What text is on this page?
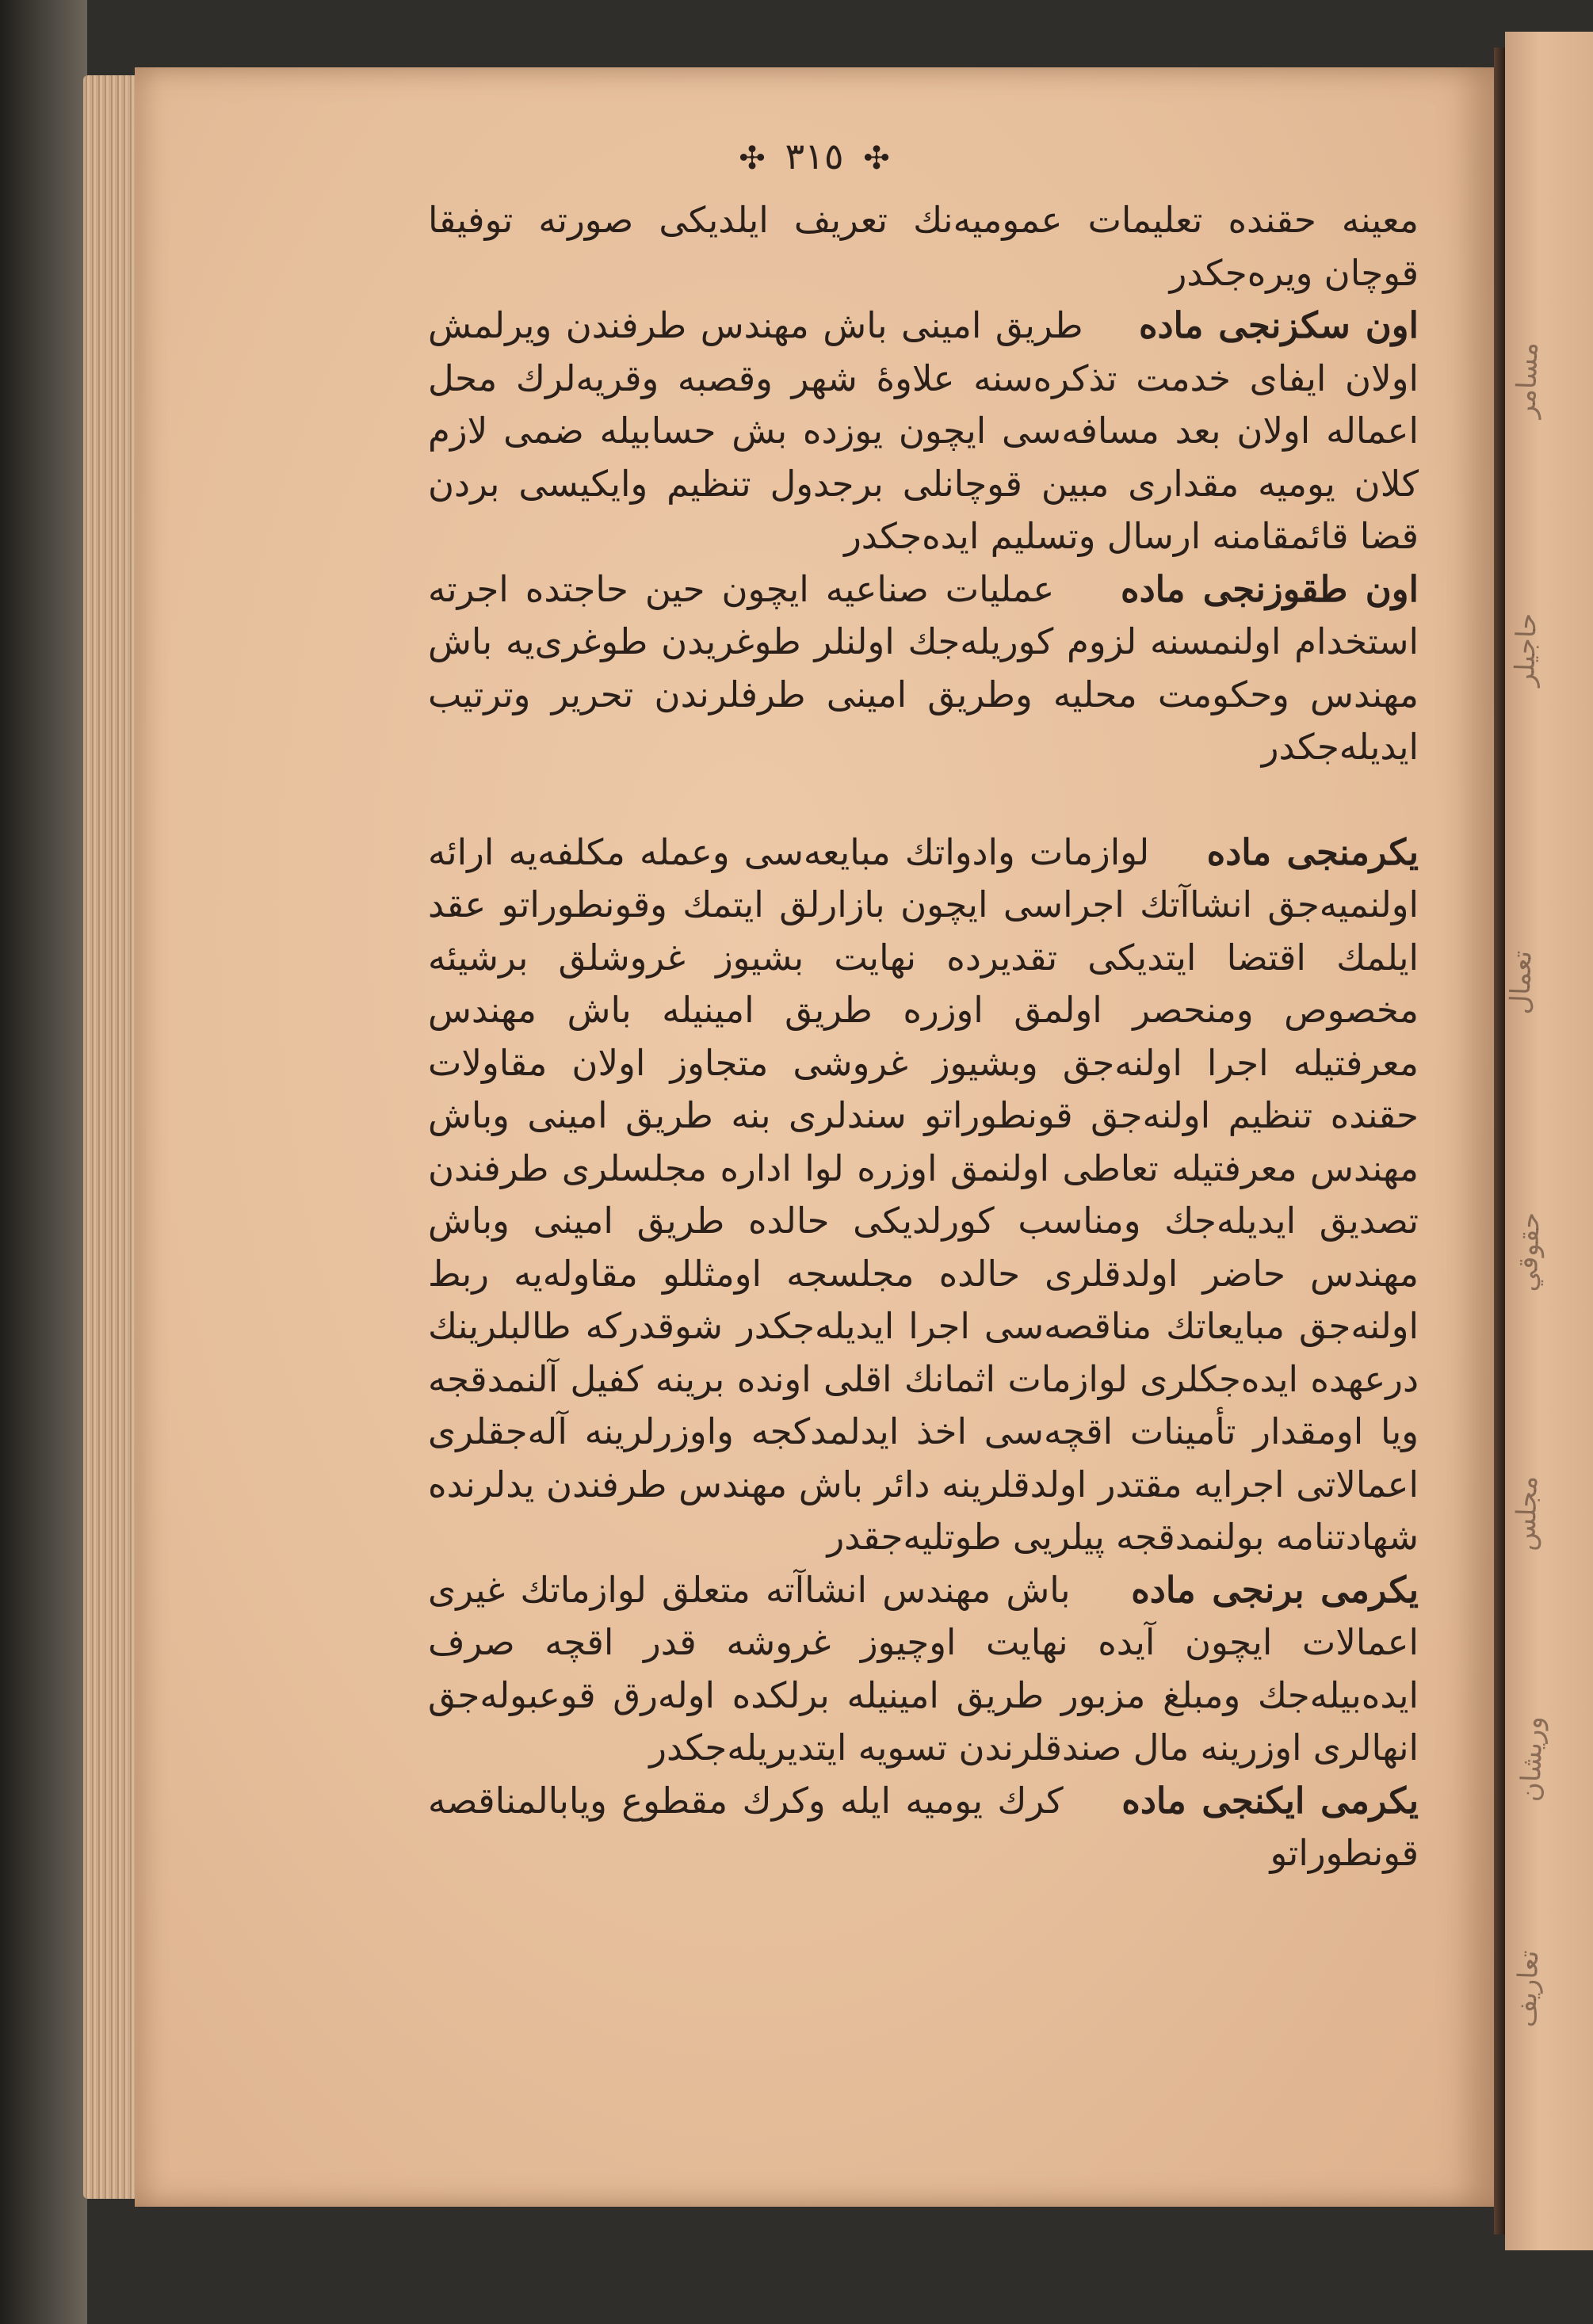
مسامر
حاجيلر
تعمال
حقوقي
مجلس
وريشان
تعاريف
✣ ٣١٥ ✣

معینه حقنده تعلیمات عمومیه‌نك تعریف ایلدیکی صورته توفیقا قوچان ویره‌جکدر

اون سکزنجی ماده    طریق امینی باش مهندس طرفندن ویرلمش اولان ایفای خدمت تذکره‌سنه علاوهٔ شهر وقصبه وقریه‌لرك محل اعماله اولان بعد مسافه‌سی ایچون یوزده بش حسابیله ضمی لازم کلان یومیه مقداری مبین قوچانلی برجدول تنظیم وایکیسی بردن قضا قائمقامنه ارسال وتسلیم ایده‌جکدر

اون طقوزنجی ماده    عملیات صناعیه ایچون حین حاجتده اجرته استخدام اولنمسنه لزوم کوریله‌جك اولنلر طوغریدن طوغری‌یه باش مهندس وحکومت محلیه وطریق امینی طرفلرندن تحریر وترتیب ایدیله‌جکدر

یکرمنجی ماده    لوازمات وادواتك مبایعه‌سی وعمله مکلفه‌یه ارائه اولنمیه‌جق انشاآتك اجراسی ایچون بازارلق ایتمك وقونطوراتو عقد ایلمك اقتضا ایتدیکی تقدیرده نهایت بشیوز غروشلق برشیئه مخصوص ومنحصر اولمق اوزره طریق امینیله باش مهندس معرفتیله اجرا اولنه‌جق وبشیوز غروشی متجاوز اولان مقاولات حقنده تنظیم اولنه‌جق قونطوراتو سندلری بنه طریق امینی وباش مهندس معرفتیله تعاطی اولنمق اوزره لوا اداره مجلسلری طرفندن تصدیق ایدیله‌جك ومناسب کورلدیکی حالده طریق امینی وباش مهندس حاضر اولدقلری حالده مجلسجه اومثللو مقاوله‌یه ربط اولنه‌جق مبایعاتك مناقصه‌سی اجرا ایدیله‌جکدر شوقدرکه طالبلرینك درعهده ایده‌جکلری لوازمات اثمانك اقلی اونده برینه کفیل آلنمدقجه ویا اومقدار تأمینات اقچه‌سی اخذ ایدلمدکجه واوزرلرینه آله‌جقلری اعمالاتی اجرایه مقتدر اولدقلرینه دائر باش مهندس طرفندن یدلرنده شهادتنامه بولنمدقجه پیلریی طوتلیه‌جقدر

یکرمی برنجی ماده    باش مهندس انشاآته متعلق لوازماتك غیری اعمالات ایچون آیده نهایت اوچیوز غروشه قدر اقچه صرف ایده‌بیله‌جك ومبلغ مزبور طریق امینیله برلکده اوله‌رق قوعبوله‌جق انهالری اوزرینه مال صندقلرندن تسویه ایتدیریله‌جکدر

یکرمی ایکنجی ماده    کرك یومیه ایله وکرك مقطوع ویابالمناقصه قونطوراتو
